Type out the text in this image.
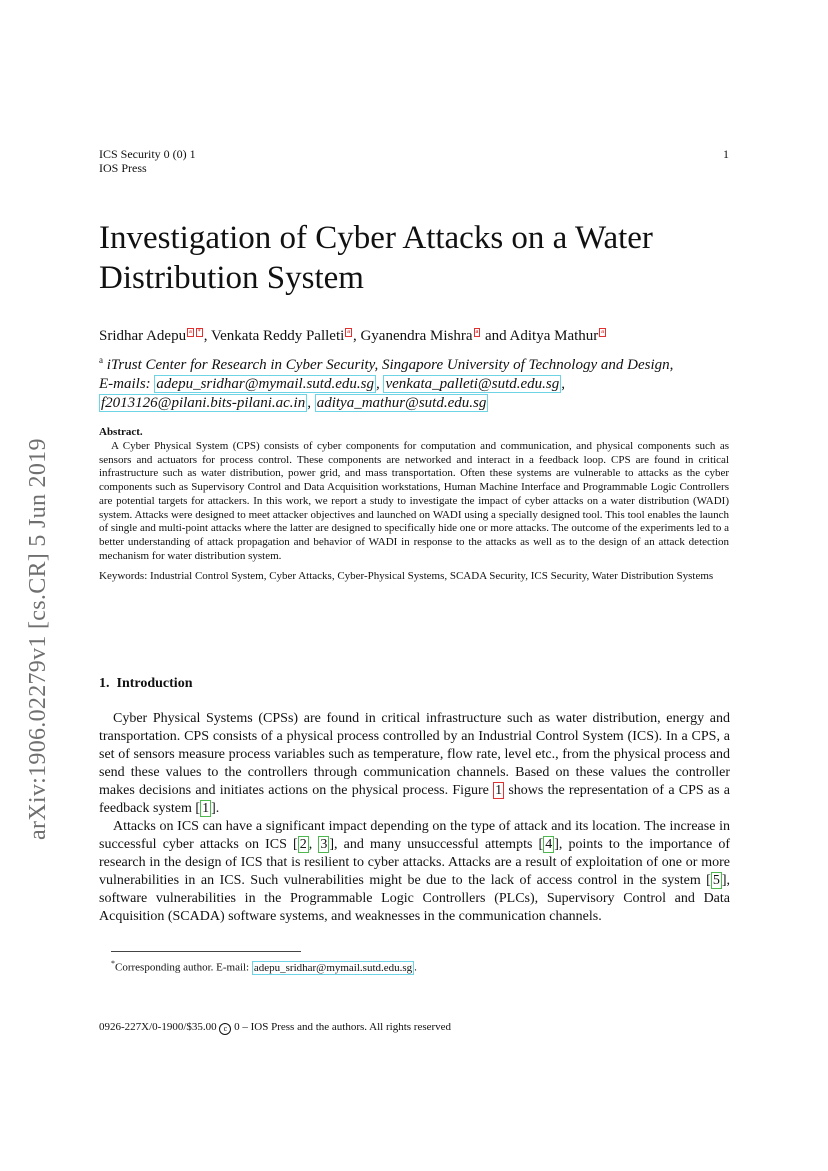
arXiv:1906.02279v1 [cs.CR] 5 Jun 2019
ICS Security 0 (0) 1
IOS Press
1
Investigation of Cyber Attacks on a Water Distribution System
Sridhar Adepu a * , Venkata Reddy Palleti a , Gyanendra Mishra a and Aditya Mathur a
$^a$ iTrust Center for Research in Cyber Security, Singapore University of Technology and Design,
E-mails: adepu_sridhar@mymail.sutd.edu.sg , venkata_palleti@sutd.edu.sg ,
f2013126@pilani.bits-pilani.ac.in , aditya_mathur@sutd.edu.sg

Abstract.

A Cyber Physical System (CPS) consists of cyber components for computation and communication, and physical components such as sensors and actuators for process control. These components are networked and interact in a feedback loop. CPS are found in critical infrastructure such as water distribution, power grid, and mass transportation. Often these systems are vulnerable to attacks as the cyber components such as Supervisory Control and Data Acquisition workstations, Human Machine Interface and Programmable Logic Controllers are potential targets for attackers. In this work, we report a study to investigate the impact of cyber attacks on a water distribution (WADI) system. Attacks were designed to meet attacker objectives and launched on WADI using a specially designed tool. This tool enables the launch of single and multi-point attacks where the latter are designed to specifically hide one or more attacks. The outcome of the experiments led to a better understanding of attack propagation and behavior of WADI in response to the attacks as well as to the design of an attack detection mechanism for water distribution system.

Keywords: Industrial Control System, Cyber Attacks, Cyber-Physical Systems, SCADA Security, ICS Security, Water Distribution Systems

1. Introduction

Cyber Physical Systems (CPSs) are found in critical infrastructure such as water distribution, energy and transportation. CPS consists of a physical process controlled by an Industrial Control System (ICS). In a CPS, a set of sensors measure process variables such as temperature, flow rate, level etc., from the physical process and send these values to the controllers through communication channels. Based on these values the controller makes decisions and initiates actions on the physical process. Figure 1 shows the representation of a CPS as a feedback system [ 1 ].

Attacks on ICS can have a significant impact depending on the type of attack and its location. The increase in successful cyber attacks on ICS [ 2 , 3 ], and many unsuccessful attempts [ 4 ], points to the importance of research in the design of ICS that is resilient to cyber attacks. Attacks are a result of exploitation of one or more vulnerabilities in an ICS. Such vulnerabilities might be due to the lack of access control in the system [ 5 ], software vulnerabilities in the Programmable Logic Controllers (PLCs), Supervisory Control and Data Acquisition (SCADA) software systems, and weaknesses in the communication channels.

*Corresponding author. E-mail: adepu_sridhar@mymail.sutd.edu.sg .
0926-227X/0-1900/$35.00 c 0 – IOS Press and the authors. All rights reserved
